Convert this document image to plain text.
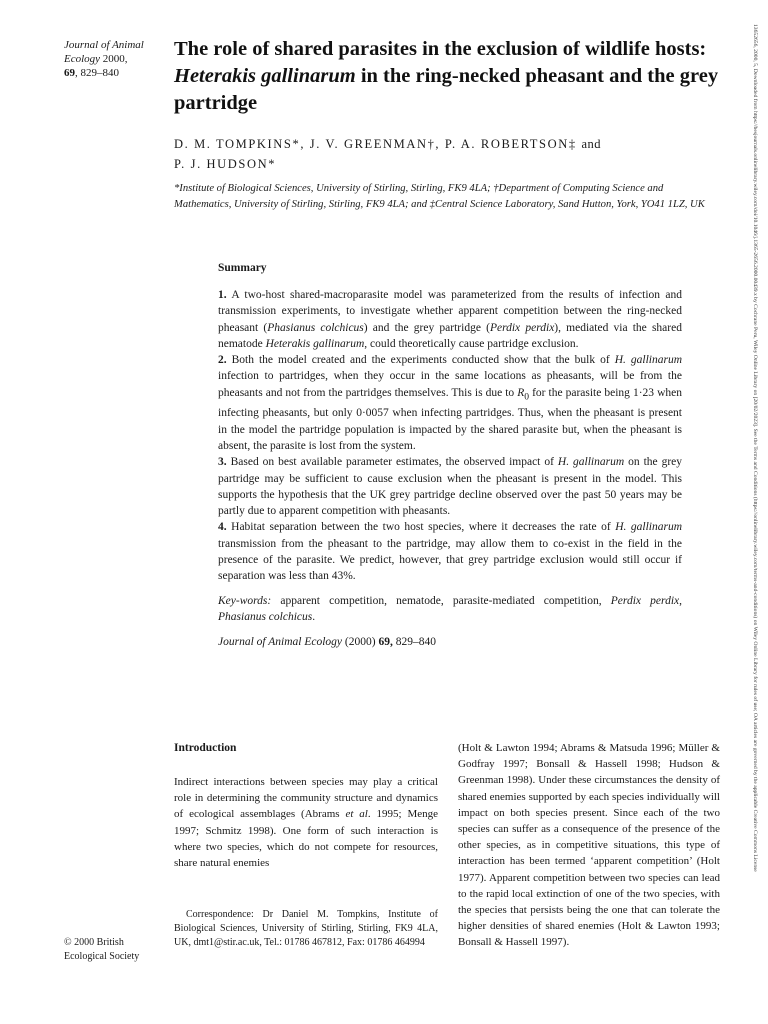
Journal of Animal
Ecology 2000,
69, 829–840
The role of shared parasites in the exclusion of wildlife hosts: Heterakis gallinarum in the ring-necked pheasant and the grey partridge
D. M. TOMPKINS*, J. V. GREENMAN†, P. A. ROBERTSON‡ and
P. J. HUDSON*
*Institute of Biological Sciences, University of Stirling, Stirling, FK9 4LA; †Department of Computing Science and Mathematics, University of Stirling, Stirling, FK9 4LA; and ‡Central Science Laboratory, Sand Hutton, York, YO41 1LZ, UK
Summary

1. A two-host shared-macroparasite model was parameterized from the results of infection and transmission experiments, to investigate whether apparent competition between the ring-necked pheasant (Phasianus colchicus) and the grey partridge (Perdix perdix), mediated via the shared nematode Heterakis gallinarum, could theoretically cause partridge exclusion.

2. Both the model created and the experiments conducted show that the bulk of H. gallinarum infection to partridges, when they occur in the same locations as pheasants, will be from the pheasants and not from the partridges themselves. This is due to $R_0$ for the parasite being 1·23 when infecting pheasants, but only 0·0057 when infecting partridges. Thus, when the pheasant is present in the model the partridge population is impacted by the shared parasite but, when the pheasant is absent, the parasite is lost from the system.

3. Based on best available parameter estimates, the observed impact of H. gallinarum on the grey partridge may be sufficient to cause exclusion when the pheasant is present in the model. This supports the hypothesis that the UK grey partridge decline observed over the past 50 years may be partly due to apparent competition with pheasants.

4. Habitat separation between the two host species, where it decreases the rate of H. gallinarum transmission from the pheasant to the partridge, may allow them to co-exist in the field in the presence of the parasite. We predict, however, that grey partridge exclusion would still occur if separation was less than 43%.

Key-words: apparent competition, nematode, parasite-mediated competition, Perdix perdix, Phasianus colchicus.

Journal of Animal Ecology (2000) 69, 829–840

Introduction
Indirect interactions between species may play a critical role in determining the community structure and dynamics of ecological assemblages (Abrams et al. 1995; Menge 1997; Schmitz 1998). One form of such interaction is where two species, which do not compete for resources, share natural enemies
(Holt & Lawton 1994; Abrams & Matsuda 1996; Müller & Godfray 1997; Bonsall & Hassell 1998; Hudson & Greenman 1998). Under these circumstances the density of shared enemies supported by each species individually will impact on both species present. Since each of the two species can suffer as a consequence of the presence of the other species, as in competitive situations, this type of interaction has been termed ‘apparent competition’ (Holt 1977). Apparent competition between two species can lead to the rapid local extinction of one of the two species, with the species that persists being the one that can tolerate the higher densities of shared enemies (Holt & Lawton 1993; Bonsall & Hassell 1997).
Correspondence: Dr Daniel M. Tompkins, Institute of Biological Sciences, University of Stirling, Stirling, FK9 4LA, UK, dmt1@stir.ac.uk, Tel.: 01786 467812, Fax: 01786 464994
© 2000 British
Ecological Society
13652656, 2000, 5, Downloaded from https://besjournals.onlinelibrary.wiley.com/doi/10.1046/j.1365-2656.2000.00439.x by Cochrane Peru, Wiley Online Library on [20/02/2023]. See the Terms and Conditions (https://onlinelibrary.wiley.com/terms-and-conditions) on Wiley Online Library for rules of use; OA articles are governed by the applicable Creative Commons License
